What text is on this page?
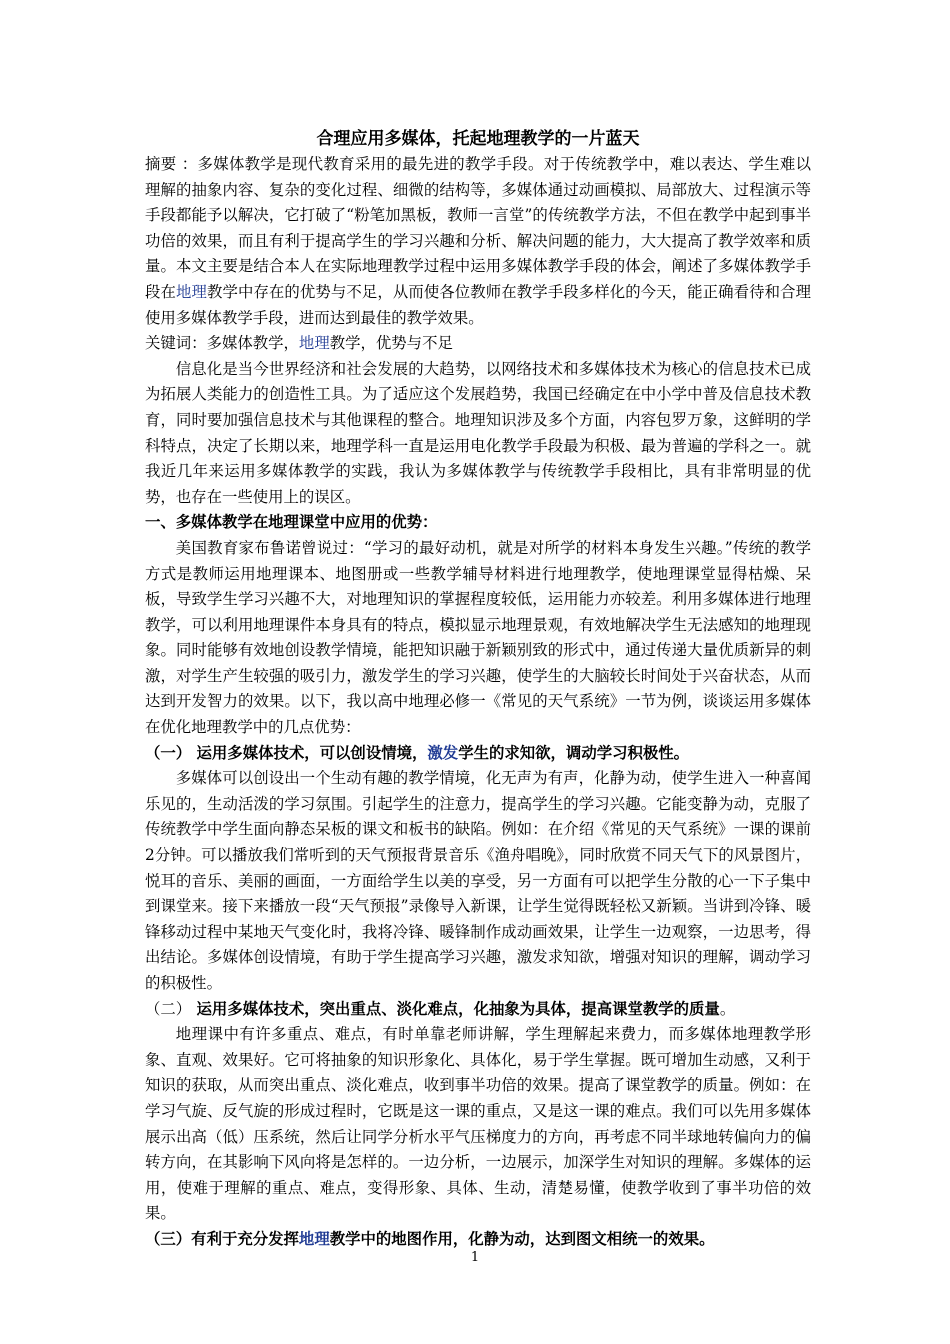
合理应用多媒体，托起地理教学的一片蓝天

摘要 ：多媒体教学是现代教育采用的最先进的教学手段。对于传统教学中，难以表达、学生难以理解的抽象内容、复杂的变化过程、细微的结构等，多媒体通过动画模拟、局部放大、过程演示等手段都能予以解决，它打破了“粉笔加黑板，教师一言堂”的传统教学方法，不但在教学中起到事半功倍的效果，而且有利于提高学生的学习兴趣和分析、解决问题的能力，大大提高了教学效率和质量。本文主要是结合本人在实际地理教学过程中运用多媒体教学手段的体会，阐述了多媒体教学手段在地理教学中存在的优势与不足，从而使各位教师在教学手段多样化的今天，能正确看待和合理使用多媒体教学手段，进而达到最佳的教学效果。

关键词：多媒体教学，地理教学，优势与不足

信息化是当今世界经济和社会发展的大趋势，以网络技术和多媒体技术为核心的信息技术已成为拓展人类能力的创造性工具。为了适应这个发展趋势，我国已经确定在中小学中普及信息技术教育，同时要加强信息技术与其他课程的整合。地理知识涉及多个方面，内容包罗万象，这鲜明的学科特点，决定了长期以来，地理学科一直是运用电化教学手段最为积极、最为普遍的学科之一。就我近几年来运用多媒体教学的实践，我认为多媒体教学与传统教学手段相比，具有非常明显的优势，也存在一些使用上的误区。

一、多媒体教学在地理课堂中应用的优势：

美国教育家布鲁诺曾说过：“学习的最好动机，就是对所学的材料本身发生兴趣。”传统的教学方式是教师运用地理课本、地图册或一些教学辅导材料进行地理教学，使地理课堂显得枯燥、呆板，导致学生学习兴趣不大，对地理知识的掌握程度较低，运用能力亦较差。利用多媒体进行地理教学，可以利用地理课件本身具有的特点，模拟显示地理景观，有效地解决学生无法感知的地理现象。同时能够有效地创设教学情境，能把知识融于新颖别致的形式中，通过传递大量优质新异的刺激，对学生产生较强的吸引力，激发学生的学习兴趣，使学生的大脑较长时间处于兴奋状态，从而达到开发智力的效果。以下，我以高中地理必修一《常见的天气系统》一节为例，谈谈运用多媒体在优化地理教学中的几点优势：

（一） 运用多媒体技术，可以创设情境，激发学生的求知欲，调动学习积极性。

多媒体可以创设出一个生动有趣的教学情境，化无声为有声，化静为动，使学生进入一种喜闻乐见的，生动活泼的学习氛围。引起学生的注意力，提高学生的学习兴趣。它能变静为动，克服了传统教学中学生面向静态呆板的课文和板书的缺陷。例如：在介绍《常见的天气系统》一课的课前2分钟。可以播放我们常听到的天气预报背景音乐《渔舟唱晚》，同时欣赏不同天气下的风景图片，悦耳的音乐、美丽的画面，一方面给学生以美的享受，另一方面有可以把学生分散的心一下子集中到课堂来。接下来播放一段“天气预报”录像导入新课，让学生觉得既轻松又新颖。当讲到冷锋、暖锋移动过程中某地天气变化时，我将冷锋、暖锋制作成动画效果，让学生一边观察，一边思考，得出结论。多媒体创设情境，有助于学生提高学习兴趣，激发求知欲，增强对知识的理解，调动学习的积极性。

（二） 运用多媒体技术，突出重点、淡化难点，化抽象为具体，提高课堂教学的质量。

地理课中有许多重点、难点，有时单靠老师讲解，学生理解起来费力，而多媒体地理教学形象、直观、效果好。它可将抽象的知识形象化、具体化，易于学生掌握。既可增加生动感，又利于知识的获取，从而突出重点、淡化难点，收到事半功倍的效果。提高了课堂教学的质量。例如：在学习气旋、反气旋的形成过程时，它既是这一课的重点，又是这一课的难点。我们可以先用多媒体展示出高（低）压系统，然后让同学分析水平气压梯度力的方向，再考虑不同半球地转偏向力的偏转方向，在其影响下风向将是怎样的。一边分析，一边展示，加深学生对知识的理解。多媒体的运用，使难于理解的重点、难点，变得形象、具体、生动，清楚易懂，使教学收到了事半功倍的效果。

（三）有利于充分发挥地理教学中的地图作用，化静为动，达到图文相统一的效果。

1
